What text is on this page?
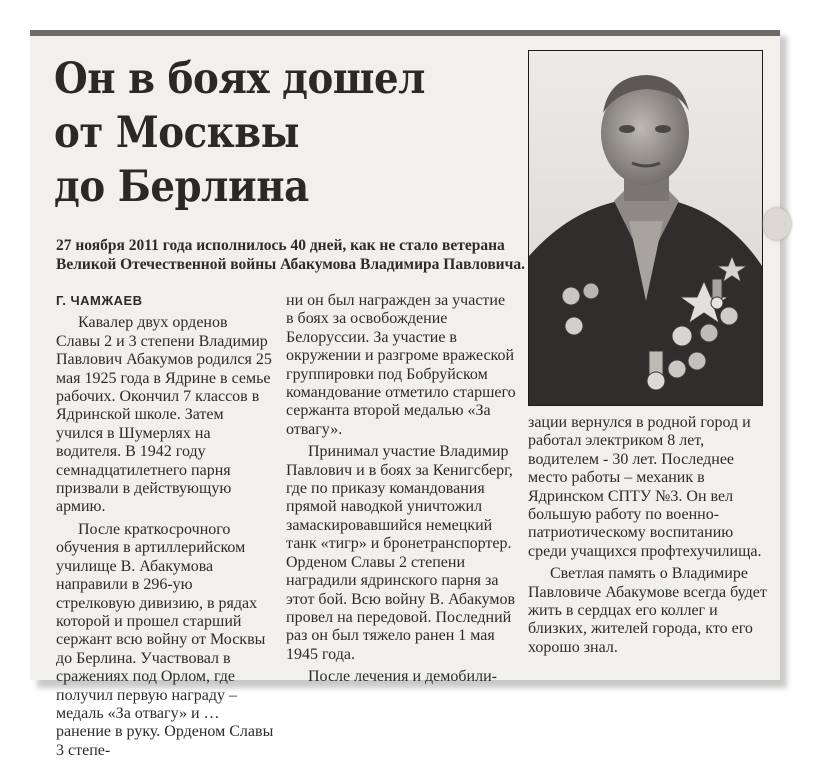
Он в боях дошел
от Москвы
до Берлина
27 ноября 2011 года исполнилось 40 дней, как не стало ветерана Великой Отечественной войны Абакумова Владимира Павловича.
Г. ЧАМЖАЕВ

Кавалер двух орденов Славы 2 и 3 степени Владимир Павлович Абакумов родился 25 мая 1925 года в Ядрине в семье рабочих. Окончил 7 классов в Ядринской школе. Затем учился в Шумерлях на водителя. В 1942 году семнадцатилетнего парня призвали в действующую армию.

После краткосрочного обучения в артиллерийском училище В. Абакумова направили в 296-ую стрелковую дивизию, в рядах которой и прошел старший сержант всю войну от Москвы до Берлина. Участвовал в сражениях под Орлом, где получил первую награду – медаль «За отвагу» и … ранение в руку. Орденом Славы 3 степе-

ни он был награжден за участие в боях за освобождение Белоруссии. За участие в окружении и разгроме вражеской группировки под Бобруйском командование отметило старшего сержанта второй медалью «За отвагу».

Принимал участие Владимир Павлович и в боях за Кенигсберг, где по приказу командования прямой наводкой уничтожил замаскировавшийся немецкий танк «тигр» и бронетранспортер. Орденом Славы 2 степени наградили ядринского парня за этот бой. Всю войну В. Абакумов провел на передовой. Последний раз он был тяжело ранен 1 мая 1945 года.

После лечения и демобили-

зации вернулся в родной город и работал электриком 8 лет, водителем - 30 лет. Последнее место работы – механик в Ядринском СПТУ №3. Он вел большую работу по военно-патриотическому воспитанию среди учащихся профтехучилища.

Светлая память о Владимире Павловиче Абакумове всегда будет жить в сердцах его коллег и близких, жителей города, кто его хорошо знал.
